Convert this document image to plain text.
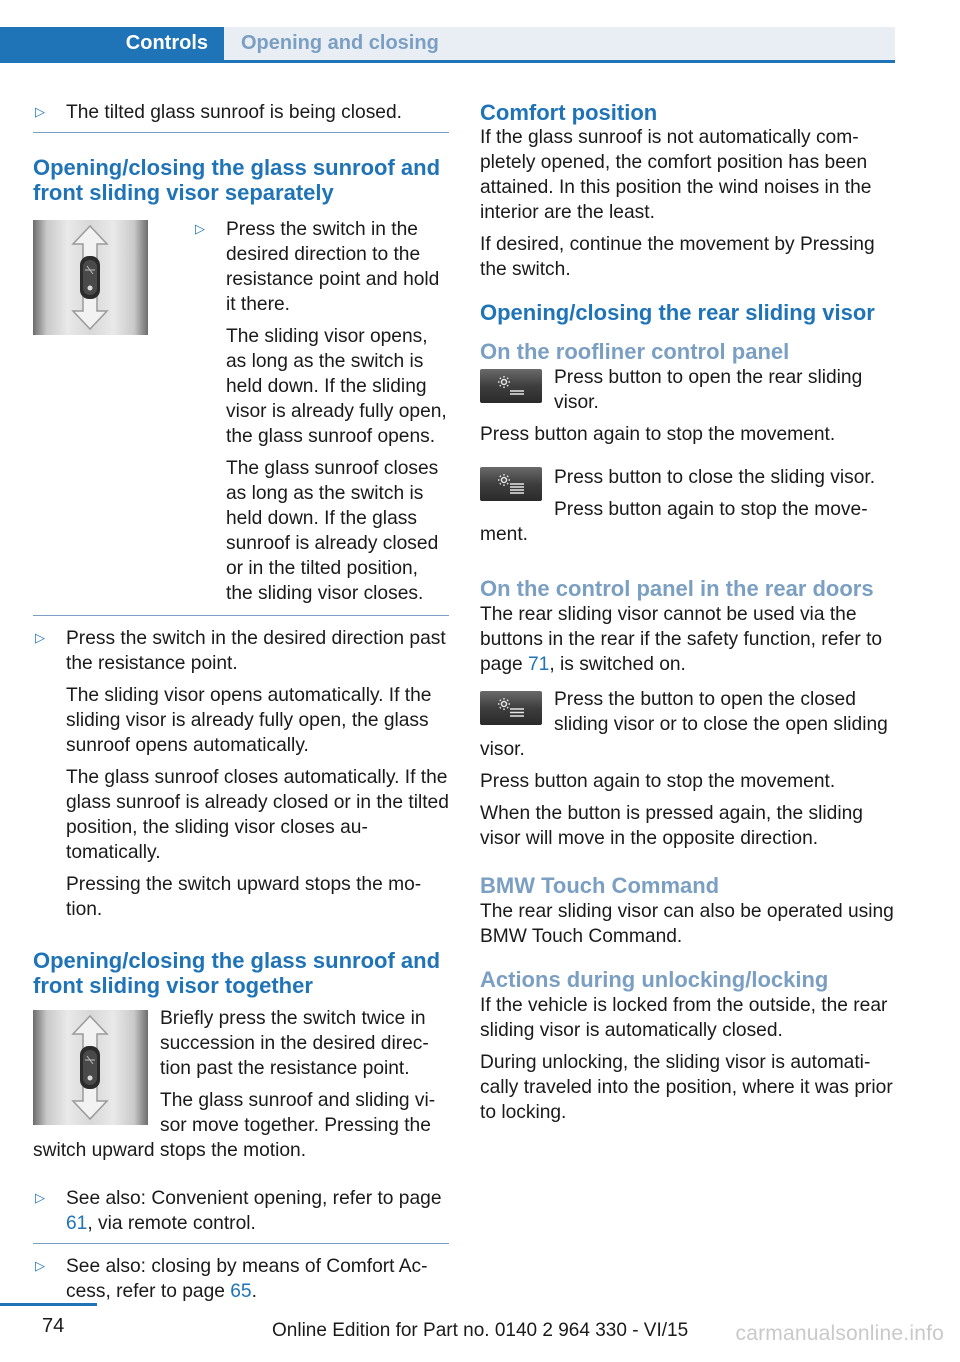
Controls	Opening and closing
▷ The tilted glass sunroof is being closed.

Opening/closing the glass sunroof and front sliding visor separately
▷ Press the switch in the desired direction to the resistance point and hold it there.

The sliding visor opens, as long as the switch is held down. If the sliding visor is already fully open, the glass sunroof opens.

The glass sunroof closes as long as the switch is held down. If the glass sunroof is already closed or in the tilted position, the sliding visor closes.

▷ Press the switch in the desired direction past the resistance point.

The sliding visor opens automatically. If the sliding visor is already fully open, the glass sunroof opens automatically.

The glass sunroof closes automatically. If the glass sunroof is already closed or in the tilted position, the sliding visor closes automatically.

Pressing the switch upward stops the motion.

Opening/closing the glass sunroof and front sliding visor together

Briefly press the switch twice in succession in the desired direction past the resistance point.

The glass sunroof and sliding visor move together. Pressing the switch upward stops the motion.

▷ See also: Convenient opening, refer to page 61, via remote control.

▷ See also: closing by means of Comfort Access, refer to page 65.

Comfort position

If the glass sunroof is not automatically completely opened, the comfort position has been attained. In this position the wind noises in the interior are the least.

If desired, continue the movement by Pressing the switch.

Opening/closing the rear sliding visor
On the roofliner control panel

Press button to open the rear sliding visor.

Press button again to stop the movement.

Press button to close the sliding visor.

Press button again to stop the movement.

On the control panel in the rear doors

The rear sliding visor cannot be used via the buttons in the rear if the safety function, refer to page 71, is switched on.

Press the button to open the closed sliding visor or to close the open sliding visor.

Press button again to stop the movement.

When the button is pressed again, the sliding visor will move in the opposite direction.

BMW Touch Command

The rear sliding visor can also be operated using BMW Touch Command.

Actions during unlocking/locking

If the vehicle is locked from the outside, the rear sliding visor is automatically closed.

During unlocking, the sliding visor is automatically traveled into the position, where it was prior to locking.

74	Online Edition for Part no. 0140 2 964 330 - VI/15 carmanualsonline.info
